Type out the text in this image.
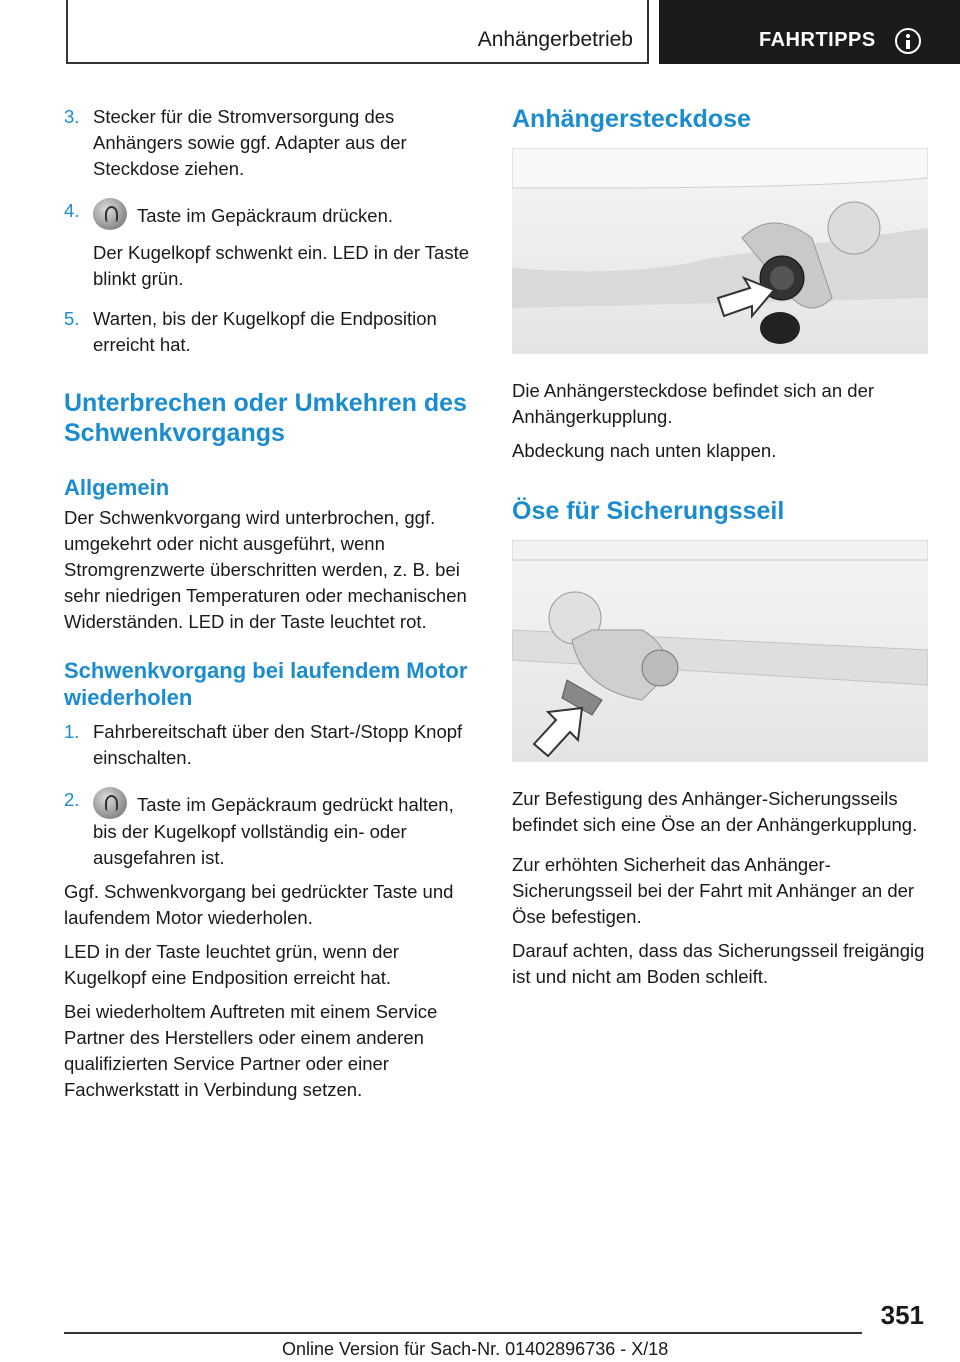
Anhängerbetrieb	FAHRTIPPS
3. Stecker für die Stromversorgung des Anhängers sowie ggf. Adapter aus der Steckdose ziehen.
4.	Taste im Gepäckraum drücken.
Der Kugelkopf schwenkt ein. LED in der Taste blinkt grün.
5. Warten, bis der Kugelkopf die Endposition erreicht hat.
Unterbrechen oder Umkehren des Schwenkvorgangs
Allgemein

Der Schwenkvorgang wird unterbrochen, ggf. umgekehrt oder nicht ausgeführt, wenn Stromgrenzwerte überschritten werden, z. B. bei sehr niedrigen Temperaturen oder mechanischen Widerständen. LED in der Taste leuchtet rot.

Schwenkvorgang bei laufendem Motor wiederholen
1. Fahrbereitschaft über den Start-/Stopp Knopf einschalten.
2.	Taste im Gepäckraum gedrückt halten, bis der Kugelkopf vollständig ein- oder ausgefahren ist.

Ggf. Schwenkvorgang bei gedrückter Taste und laufendem Motor wiederholen.

LED in der Taste leuchtet grün, wenn der Kugelkopf eine Endposition erreicht hat.

Bei wiederholtem Auftreten mit einem Service Partner des Herstellers oder einem anderen qualifizierten Service Partner oder einer Fachwerkstatt in Verbindung setzen.

Anhängersteckdose

Die Anhängersteckdose befindet sich an der Anhängerkupplung.

Abdeckung nach unten klappen.

Öse für Sicherungsseil

Zur Befestigung des Anhänger-Sicherungsseils befindet sich eine Öse an der Anhängerkupplung.

Zur erhöhten Sicherheit das Anhänger-Sicherungsseil bei der Fahrt mit Anhänger an der Öse befestigen.

Darauf achten, dass das Sicherungsseil freigängig ist und nicht am Boden schleift.

351
Online Version für Sach-Nr. 01402896736 - X/18
